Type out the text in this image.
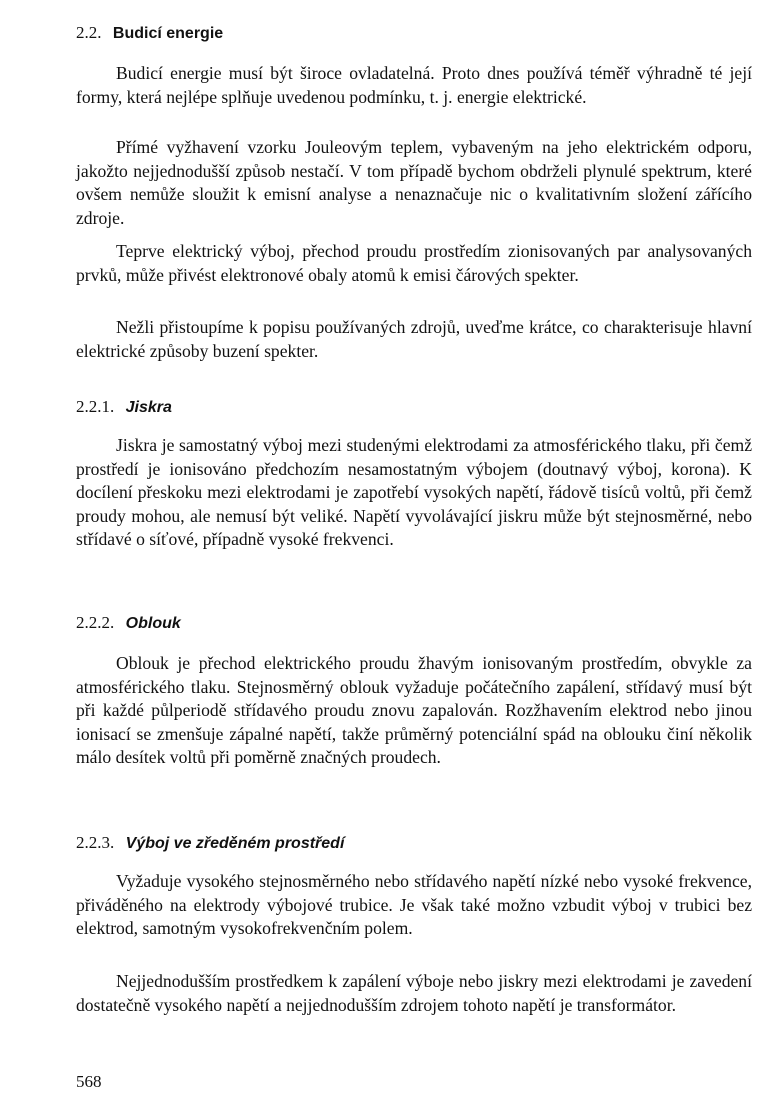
2.2. Budicí energie

Budicí energie musí být široce ovladatelná. Proto dnes používá téměř výhradně té její formy, která nejlépe splňuje uvedenou podmínku, t. j. energie elektrické.

Přímé vyžhavení vzorku Jouleovým teplem, vybaveným na jeho elektrickém odporu, jakožto nejjednodušší způsob nestačí. V tom případě bychom obdrželi plynulé spektrum, které ovšem nemůže sloužit k emisní analyse a nenaznačuje nic o kvalitativním složení zářícího zdroje.

Teprve elektrický výboj, přechod proudu prostředím zionisovaných par analysovaných prvků, může přivést elektronové obaly atomů k emisi čárových spekter.

Nežli přistoupíme k popisu používaných zdrojů, uveďme krátce, co charakterisuje hlavní elektrické způsoby buzení spekter.

2.2.1. Jiskra

Jiskra je samostatný výboj mezi studenými elektrodami za atmosférického tlaku, při čemž prostředí je ionisováno předchozím nesamostatným výbojem (doutnavý výboj, korona). K docílení přeskoku mezi elektrodami je zapotřebí vysokých napětí, řádově tisíců voltů, při čemž proudy mohou, ale nemusí být veliké. Napětí vyvolávající jiskru může být stejnosměrné, nebo střídavé o síťové, případně vysoké frekvenci.

2.2.2. Oblouk

Oblouk je přechod elektrického proudu žhavým ionisovaným prostředím, obvykle za atmosférického tlaku. Stejnosměrný oblouk vyžaduje počátečního zapálení, střídavý musí být při každé půlperiodě střídavého proudu znovu zapalován. Rozžhavením elektrod nebo jinou ionisací se zmenšuje zápalné napětí, takže průměrný potenciální spád na oblouku činí několik málo desítek voltů při poměrně značných proudech.

2.2.3. Výboj ve zředěném prostředí

Vyžaduje vysokého stejnosměrného nebo střídavého napětí nízké nebo vysoké frekvence, přiváděného na elektrody výbojové trubice. Je však také možno vzbudit výboj v trubici bez elektrod, samotným vysokofrekvenčním polem.

Nejjednodušším prostředkem k zapálení výboje nebo jiskry mezi elektrodami je zavedení dostatečně vysokého napětí a nejjednodušším zdrojem tohoto napětí je transformátor.

568
